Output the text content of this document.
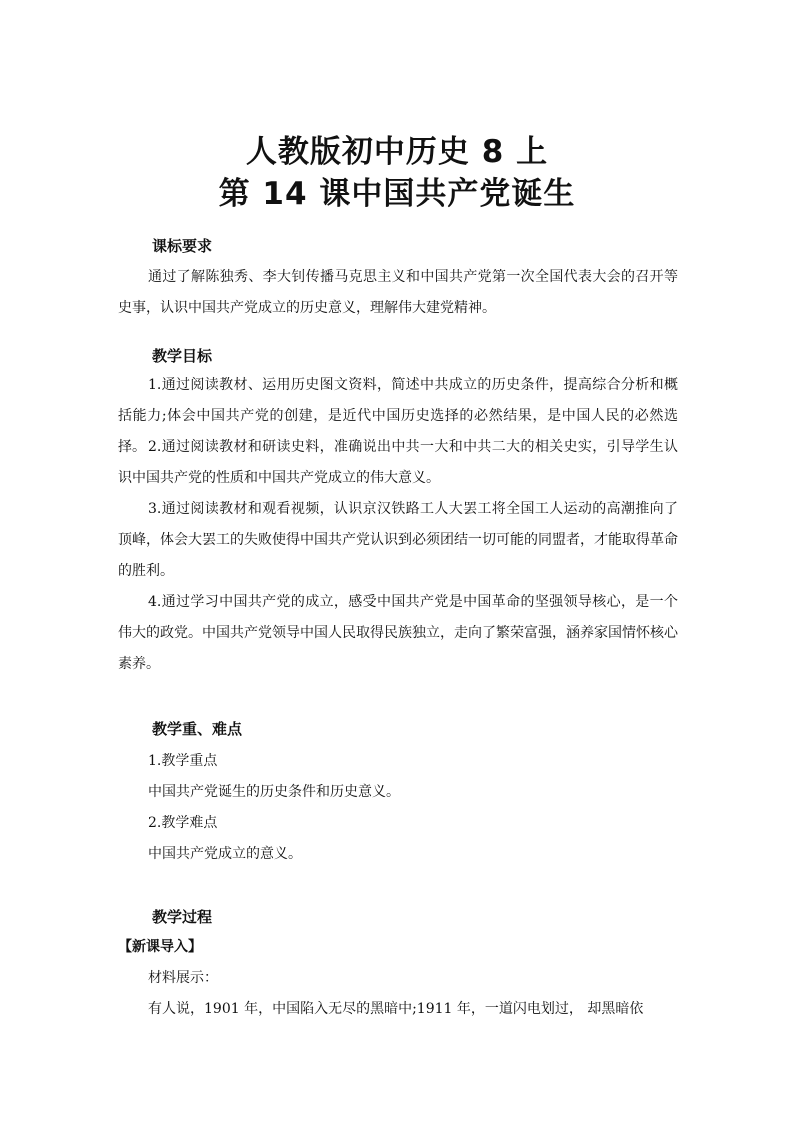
人教版初中历史 8 上
第 14 课中国共产党诞生
课标要求

通过了解陈独秀、李大钊传播马克思主义和中国共产党第一次全国代表大会的召开等史事，认识中国共产党成立的历史意义，理解伟大建党精神。

教学目标

1.通过阅读教材、运用历史图文资料，简述中共成立的历史条件，提高综合分析和概括能力;体会中国共产党的创建，是近代中国历史选择的必然结果，是中国人民的必然选择。 2.通过阅读教材和研读史料，准确说出中共一大和中共二大的相关史实，引导学生认识中国共产党的性质和中国共产党成立的伟大意义。

3.通过阅读教材和观看视频，认识京汉铁路工人大罢工将全国工人运动的高潮推向了顶峰，体会大罢工的失败使得中国共产党认识到必须团结一切可能的同盟者，才能取得革命的胜利。

4.通过学习中国共产党的成立，感受中国共产党是中国革命的坚强领导核心，是一个伟大的政党。中国共产党领导中国人民取得民族独立，走向了繁荣富强，涵养家国情怀核心素养。

教学重、难点

1.教学重点

中国共产党诞生的历史条件和历史意义。

2.教学难点

中国共产党成立的意义。

教学过程

【新课导入】

材料展示：

有人说，1901 年，中国陷入无尽的黑暗中;1911 年，一道闪电划过， 却黑暗依
